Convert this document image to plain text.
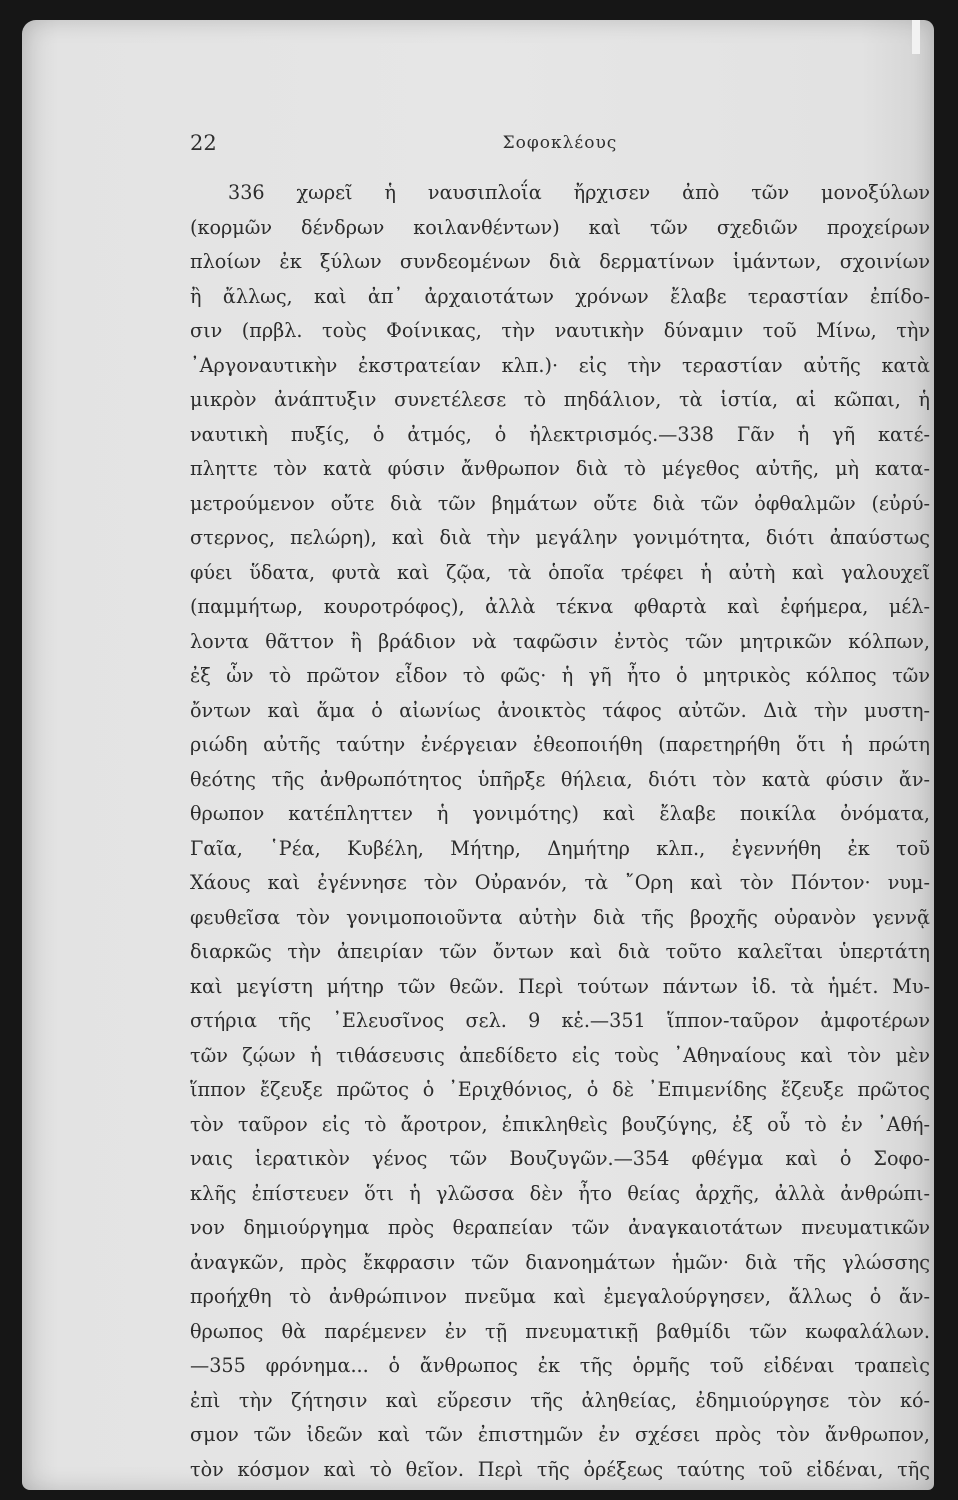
22	Σοφοκλέους
336 χωρεῖ ἡ ναυσιπλοΐα ἤρχισεν ἀπὸ τῶν μονοξύλων
(κορμῶν δένδρων κοιλανθέντων) καὶ τῶν σχεδιῶν προχείρων
πλοίων ἐκ ξύλων συνδεομένων διὰ δερματίνων ἱμάντων, σχοινίων
ἢ ἄλλως, καὶ ἀπ᾽ ἀρχαιοτάτων χρόνων ἔλαβε τεραστίαν ἐπίδο-
σιν (πρβλ. τοὺς Φοίνικας, τὴν ναυτικὴν δύναμιν τοῦ Μίνω, τὴν
᾽Αργοναυτικὴν ἐκστρατείαν κλπ.)· εἰς τὴν τεραστίαν αὐτῆς κατὰ
μικρὸν ἀνάπτυξιν συνετέλεσε τὸ πηδάλιον, τὰ ἱστία, αἱ κῶπαι, ἡ
ναυτικὴ πυξίς, ὁ ἀτμός, ὁ ἠλεκτρισμός.—338 Γᾶν ἡ γῆ κατέ-
πληττε τὸν κατὰ φύσιν ἄνθρωπον διὰ τὸ μέγεθος αὐτῆς, μὴ κατα-
μετρούμενον οὔτε διὰ τῶν βημάτων οὔτε διὰ τῶν ὀφθαλμῶν (εὐρύ-
στερνος, πελώρη), καὶ διὰ τὴν μεγάλην γονιμότητα, διότι ἀπαύστως
φύει ὕδατα, φυτὰ καὶ ζῷα, τὰ ὁποῖα τρέφει ἡ αὐτὴ καὶ γαλουχεῖ
(παμμήτωρ, κουροτρόφος), ἀλλὰ τέκνα φθαρτὰ καὶ ἐφήμερα, μέλ-
λοντα θᾶττον ἢ βράδιον νὰ ταφῶσιν ἐντὸς τῶν μητρικῶν κόλπων,
ἐξ ὧν τὸ πρῶτον εἶδον τὸ φῶς· ἡ γῆ ἦτο ὁ μητρικὸς κόλπος τῶν
ὄντων καὶ ἅμα ὁ αἰωνίως ἀνοικτὸς τάφος αὐτῶν. Διὰ τὴν μυστη-
ριώδη αὐτῆς ταύτην ἐνέργειαν ἐθεοποιήθη (παρετηρήθη ὅτι ἡ πρώτη
θεότης τῆς ἀνθρωπότητος ὑπῆρξε θήλεια, διότι τὸν κατὰ φύσιν ἄν-
θρωπον κατέπληττεν ἡ γονιμότης) καὶ ἔλαβε ποικίλα ὀνόματα,
Γαῖα, ῾Ρέα, Κυβέλη, Μήτηρ, Δημήτηρ κλπ., ἐγεννήθη ἐκ τοῦ
Χάους καὶ ἐγέννησε τὸν Οὐρανόν, τὰ ῎Ορη καὶ τὸν Πόντον· νυμ-
φευθεῖσα τὸν γονιμοποιοῦντα αὐτὴν διὰ τῆς βροχῆς οὐρανὸν γεννᾷ
διαρκῶς τὴν ἀπειρίαν τῶν ὄντων καὶ διὰ τοῦτο καλεῖται ὑπερτάτη
καὶ μεγίστη μήτηρ τῶν θεῶν. Περὶ τούτων πάντων ἰδ. τὰ ἡμέτ. Μυ-
στήρια τῆς ᾽Ελευσῖνος σελ. 9 κἑ.—351 ἵππον-ταῦρον ἀμφοτέρων
τῶν ζῴων ἡ τιθάσευσις ἀπεδίδετο εἰς τοὺς ᾽Αθηναίους καὶ τὸν μὲν
ἵππον ἔζευξε πρῶτος ὁ ᾽Εριχθόνιος, ὁ δὲ ᾽Επιμενίδης ἔζευξε πρῶτος
τὸν ταῦρον εἰς τὸ ἄροτρον, ἐπικληθεὶς βουζύγης, ἐξ οὗ τὸ ἐν ᾽Αθή-
ναις ἱερατικὸν γένος τῶν Βουζυγῶν.—354 φθέγμα καὶ ὁ Σοφο-
κλῆς ἐπίστευεν ὅτι ἡ γλῶσσα δὲν ἦτο θείας ἀρχῆς, ἀλλὰ ἀνθρώπι-
νον δημιούργημα πρὸς θεραπείαν τῶν ἀναγκαιοτάτων πνευματικῶν
ἀναγκῶν, πρὸς ἔκφρασιν τῶν διανοημάτων ἡμῶν· διὰ τῆς γλώσσης
προήχθη τὸ ἀνθρώπινον πνεῦμα καὶ ἐμεγαλούργησεν, ἄλλως ὁ ἄν-
θρωπος θὰ παρέμενεν ἐν τῇ πνευματικῇ βαθμίδι τῶν κωφαλάλων.
—355 φρόνημα... ὁ ἄνθρωπος ἐκ τῆς ὁρμῆς τοῦ εἰδέναι τραπεὶς
ἐπὶ τὴν ζήτησιν καὶ εὕρεσιν τῆς ἀληθείας, ἐδημιούργησε τὸν κό-
σμον τῶν ἰδεῶν καὶ τῶν ἐπιστημῶν ἐν σχέσει πρὸς τὸν ἄνθρωπον,
τὸν κόσμον καὶ τὸ θεῖον. Περὶ τῆς ὀρέξεως ταύτης τοῦ εἰδέναι, τῆς
